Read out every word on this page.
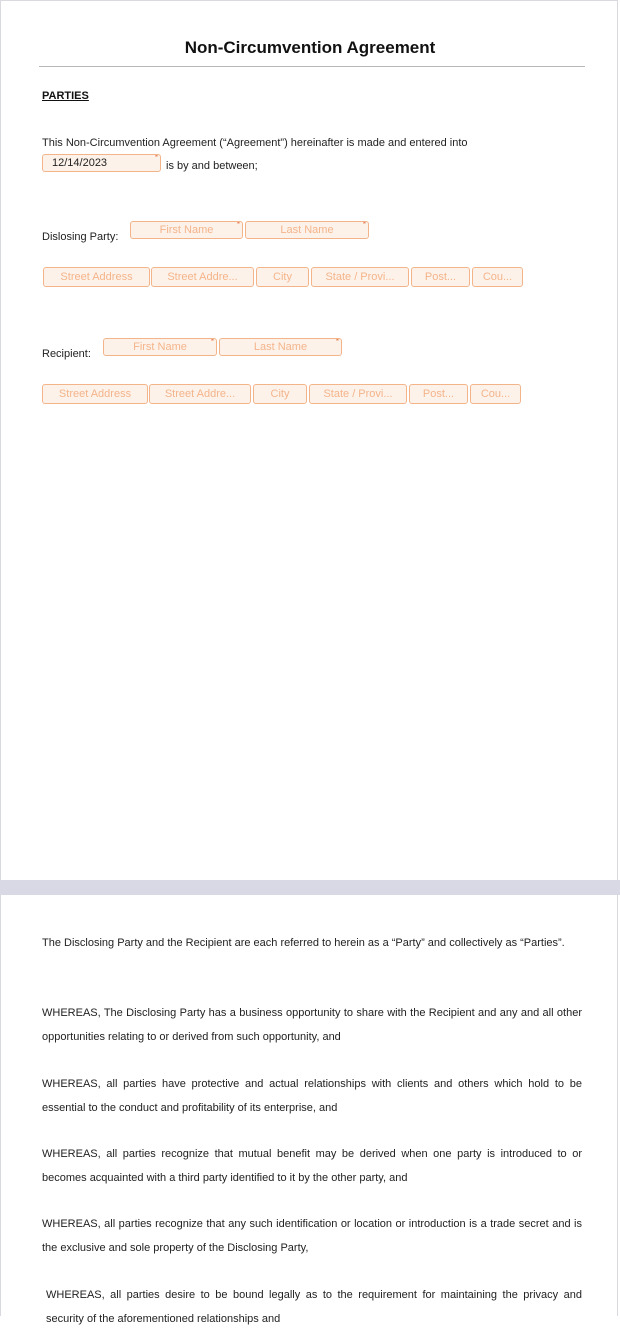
Non-Circumvention Agreement
PARTIES
This Non-Circumvention Agreement (“Agreement”) hereinafter is made and entered into
12/14/2023	*
is by and between;
Dislosing Party:
First Name	*	Last Name	*
Street Address	Street Addre...	City	State / Provi...	Post...	Cou...
Recipient:
First Name	*	Last Name	*
Street Address	Street Addre...	City	State / Provi...	Post...	Cou...
The Disclosing Party and the Recipient are each referred to herein as a “Party” and collectively as “Parties”.
WHEREAS, The Disclosing Party has a business opportunity to share with the Recipient and any and all other opportunities relating to or derived from such opportunity, and
WHEREAS, all parties have protective and actual relationships with clients and others which hold to be essential to the conduct and profitability of its enterprise, and
WHEREAS, all parties recognize that mutual benefit may be derived when one party is introduced to or becomes acquainted with a third party identified to it by the other party, and
WHEREAS, all parties recognize that any such identification or location or introduction is a trade secret and is the exclusive and sole property of the Disclosing Party,
WHEREAS, all parties desire to be bound legally as to the requirement for maintaining the privacy and security of the aforementioned relationships and
